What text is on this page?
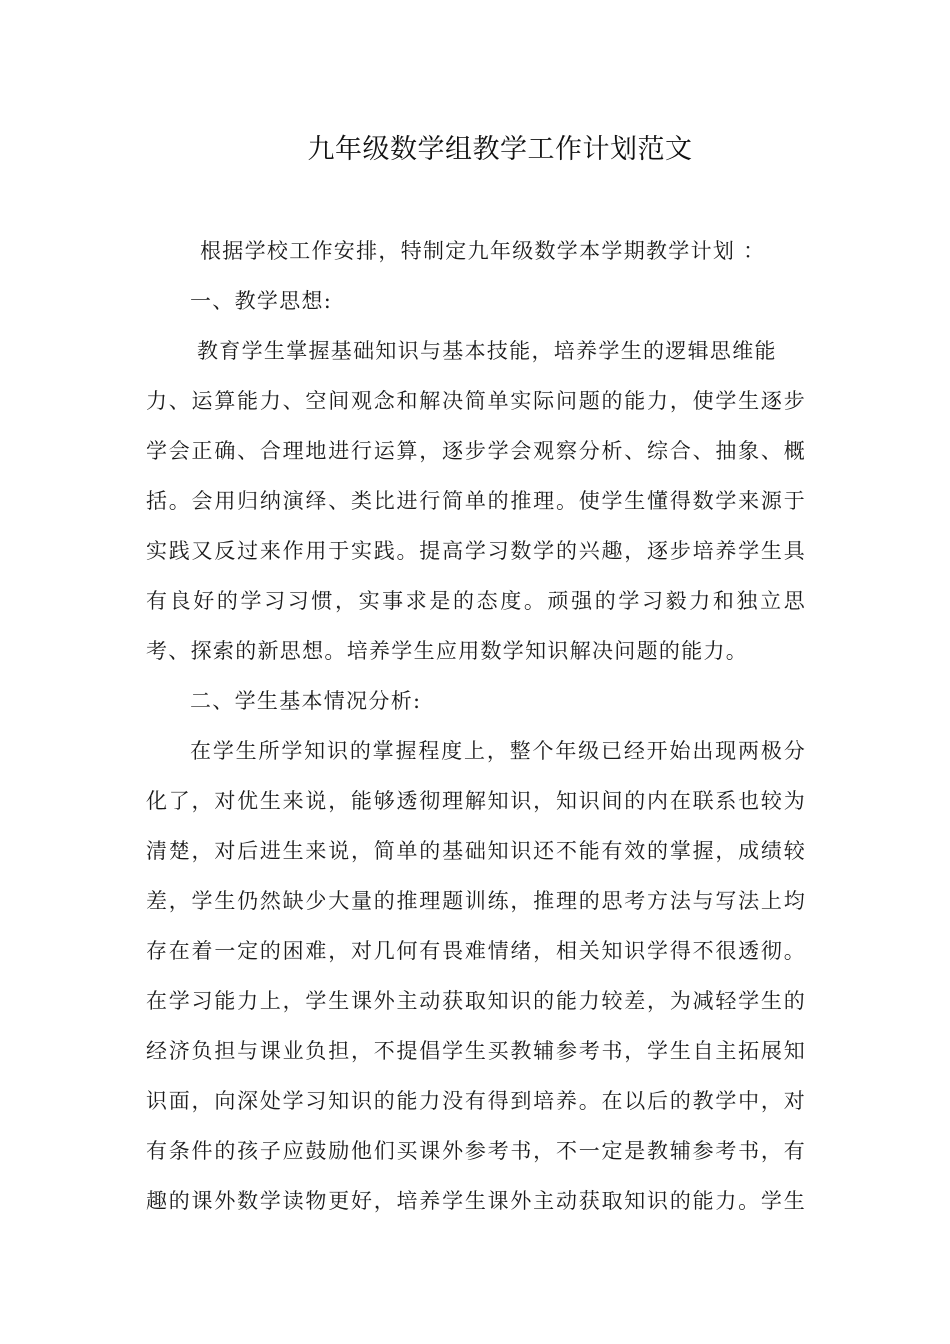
九年级数学组教学工作计划范文
根据学校工作安排，特制定九年级数学本学期教学计划 ：
一、教学思想:
教育学生掌握基础知识与基本技能，培养学生的逻辑思维能
力、运算能力、空间观念和解决简单实际问题的能力，使学生逐步
学会正确、合理地进行运算，逐步学会观察分析、综合、抽象、概
括。会用归纳演绎、类比进行简单的推理。使学生懂得数学来源于
实践又反过来作用于实践。提高学习数学的兴趣，逐步培养学生具
有良好的学习习惯，实事求是的态度。顽强的学习毅力和独立思
考、探索的新思想。培养学生应用数学知识解决问题的能力。
二、学生基本情况分析:
在学生所学知识的掌握程度上，整个年级已经开始出现两极分
化了，对优生来说，能够透彻理解知识，知识间的内在联系也较为
清楚，对后进生来说，简单的基础知识还不能有效的掌握，成绩较
差，学生仍然缺少大量的推理题训练，推理的思考方法与写法上均
存在着一定的困难，对几何有畏难情绪，相关知识学得不很透彻。
在学习能力上，学生课外主动获取知识的能力较差，为减轻学生的
经济负担与课业负担，不提倡学生买教辅参考书，学生自主拓展知
识面，向深处学习知识的能力没有得到培养。在以后的教学中，对
有条件的孩子应鼓励他们买课外参考书，不一定是教辅参考书，有
趣的课外数学读物更好，培养学生课外主动获取知识的能力。学生
